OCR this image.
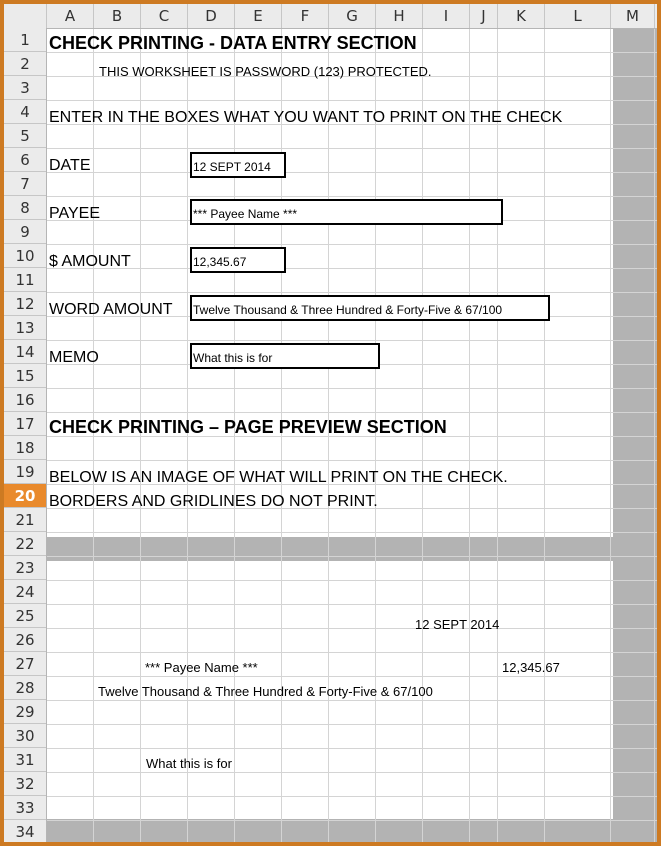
A	B	C	D	E	F	G	H	I	J	K	L	M
1
2
3
4
5
6
7
8
9
10
11
12
13
14
15
16
17
18
19
20
21
22
23
24
25
26
27
28
29
30
31
32
33
34
CHECK PRINTING - DATA ENTRY SECTION
THIS WORKSHEET IS PASSWORD (123) PROTECTED.
ENTER IN THE BOXES WHAT YOU WANT TO PRINT ON THE CHECK
DATE	12 SEPT 2014
PAYEE	*** Payee Name ***
$ AMOUNT	12,345.67
WORD AMOUNT Twelve Thousand & Three Hundred & Forty-Five & 67/100
MEMO	What this is for
CHECK PRINTING – PAGE PREVIEW SECTION
BELOW IS AN IMAGE OF WHAT WILL PRINT ON THE CHECK.
BORDERS AND GRIDLINES DO NOT PRINT.
12 SEPT 2014
*** Payee Name ***	12,345.67
Twelve Thousand & Three Hundred & Forty-Five & 67/100
What this is for
